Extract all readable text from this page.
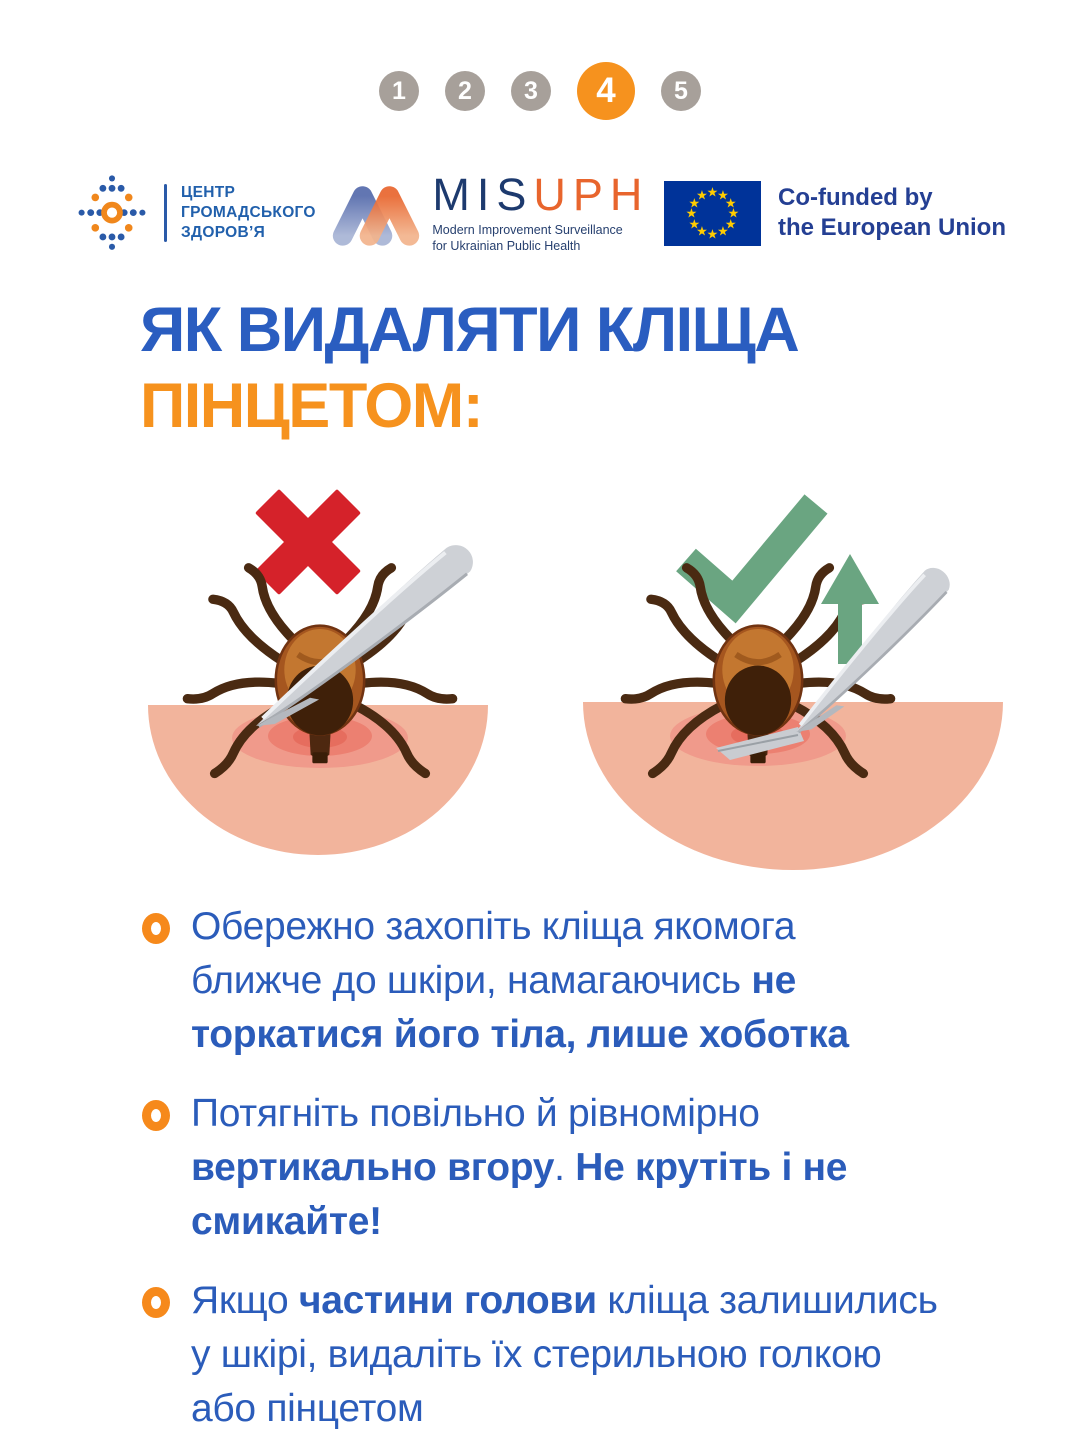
1	2	3	4	5
ЦЕНТР
ГРОМАДСЬКОГО
ЗДОРОВ’Я
MISUPH
Modern Improvement Surveillance
for Ukrainian Public Health
★
★
★
★
★
★
★
★
★
★
★
★	Co-funded by
the European Union
ЯК ВИДАЛЯТИ КЛІЩА
ПІНЦЕТОМ:
Обережно захопіть кліща якомога
ближче до шкіри, намагаючись не
торкатися його тіла, лише хоботка
Потягніть повільно й рівномірно
вертикально вгору. Не крутіть і не
смикайте!
Якщо частини голови кліща залишились
у шкірі, видаліть їх стерильною голкою
або пінцетом
